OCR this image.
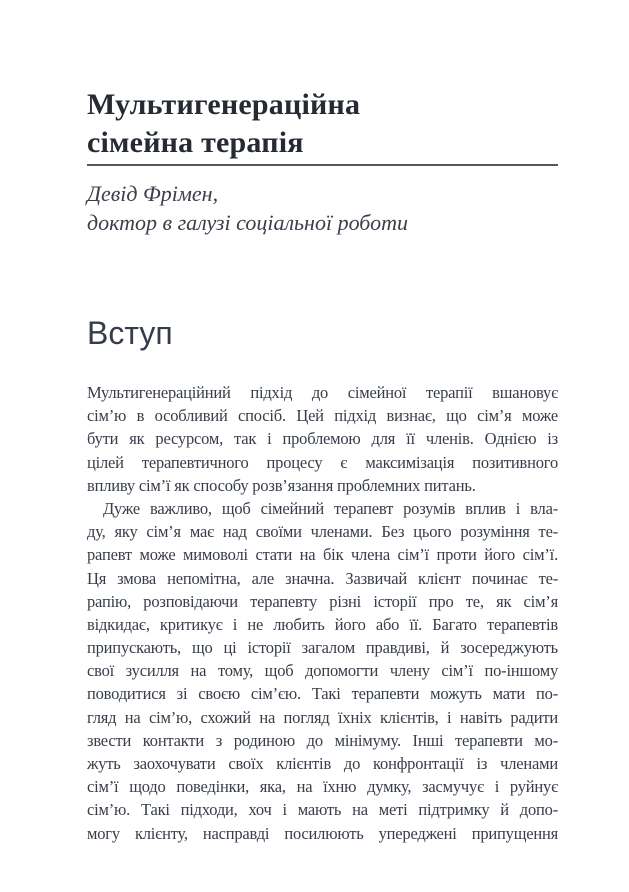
Мультигенераційна
сімейна терапія
Девід Фрімен,
доктор в галузі соціальної роботи
Вступ
Мультигенераційний підхід до сімейної терапії вшановує
сім’ю в особливий спосіб. Цей підхід визнає, що сім’я може
бути як ресурсом, так і проблемою для її членів. Однією із
цілей терапевтичного процесу є максимізація позитивного
впливу сім’ї як способу розв’язання проблемних питань.
Дуже важливо, щоб сімейний терапевт розумів вплив і вла-
ду, яку сім’я має над своїми членами. Без цього розуміння те-
рапевт може мимоволі стати на бік члена сім’ї проти його сім’ї.
Ця змова непомітна, але значна. Зазвичай клієнт починає те-
рапію, розповідаючи терапевту різні історії про те, як сім’я
відкидає, критикує і не любить його або її. Багато терапевтів
припускають, що ці історії загалом правдиві, й зосереджують
свої зусилля на тому, щоб допомогти члену сім’ї по-іншому
поводитися зі своєю сім’єю. Такі терапевти можуть мати по-
гляд на сім’ю, схожий на погляд їхніх клієнтів, і навіть радити
звести контакти з родиною до мінімуму. Інші терапевти мо-
жуть заохочувати своїх клієнтів до конфронтації із членами
сім’ї щодо поведінки, яка, на їхню думку, засмучує і руйнує
сім’ю. Такі підходи, хоч і мають на меті підтримку й допо-
могу клієнту, насправді посилюють упереджені припущення
